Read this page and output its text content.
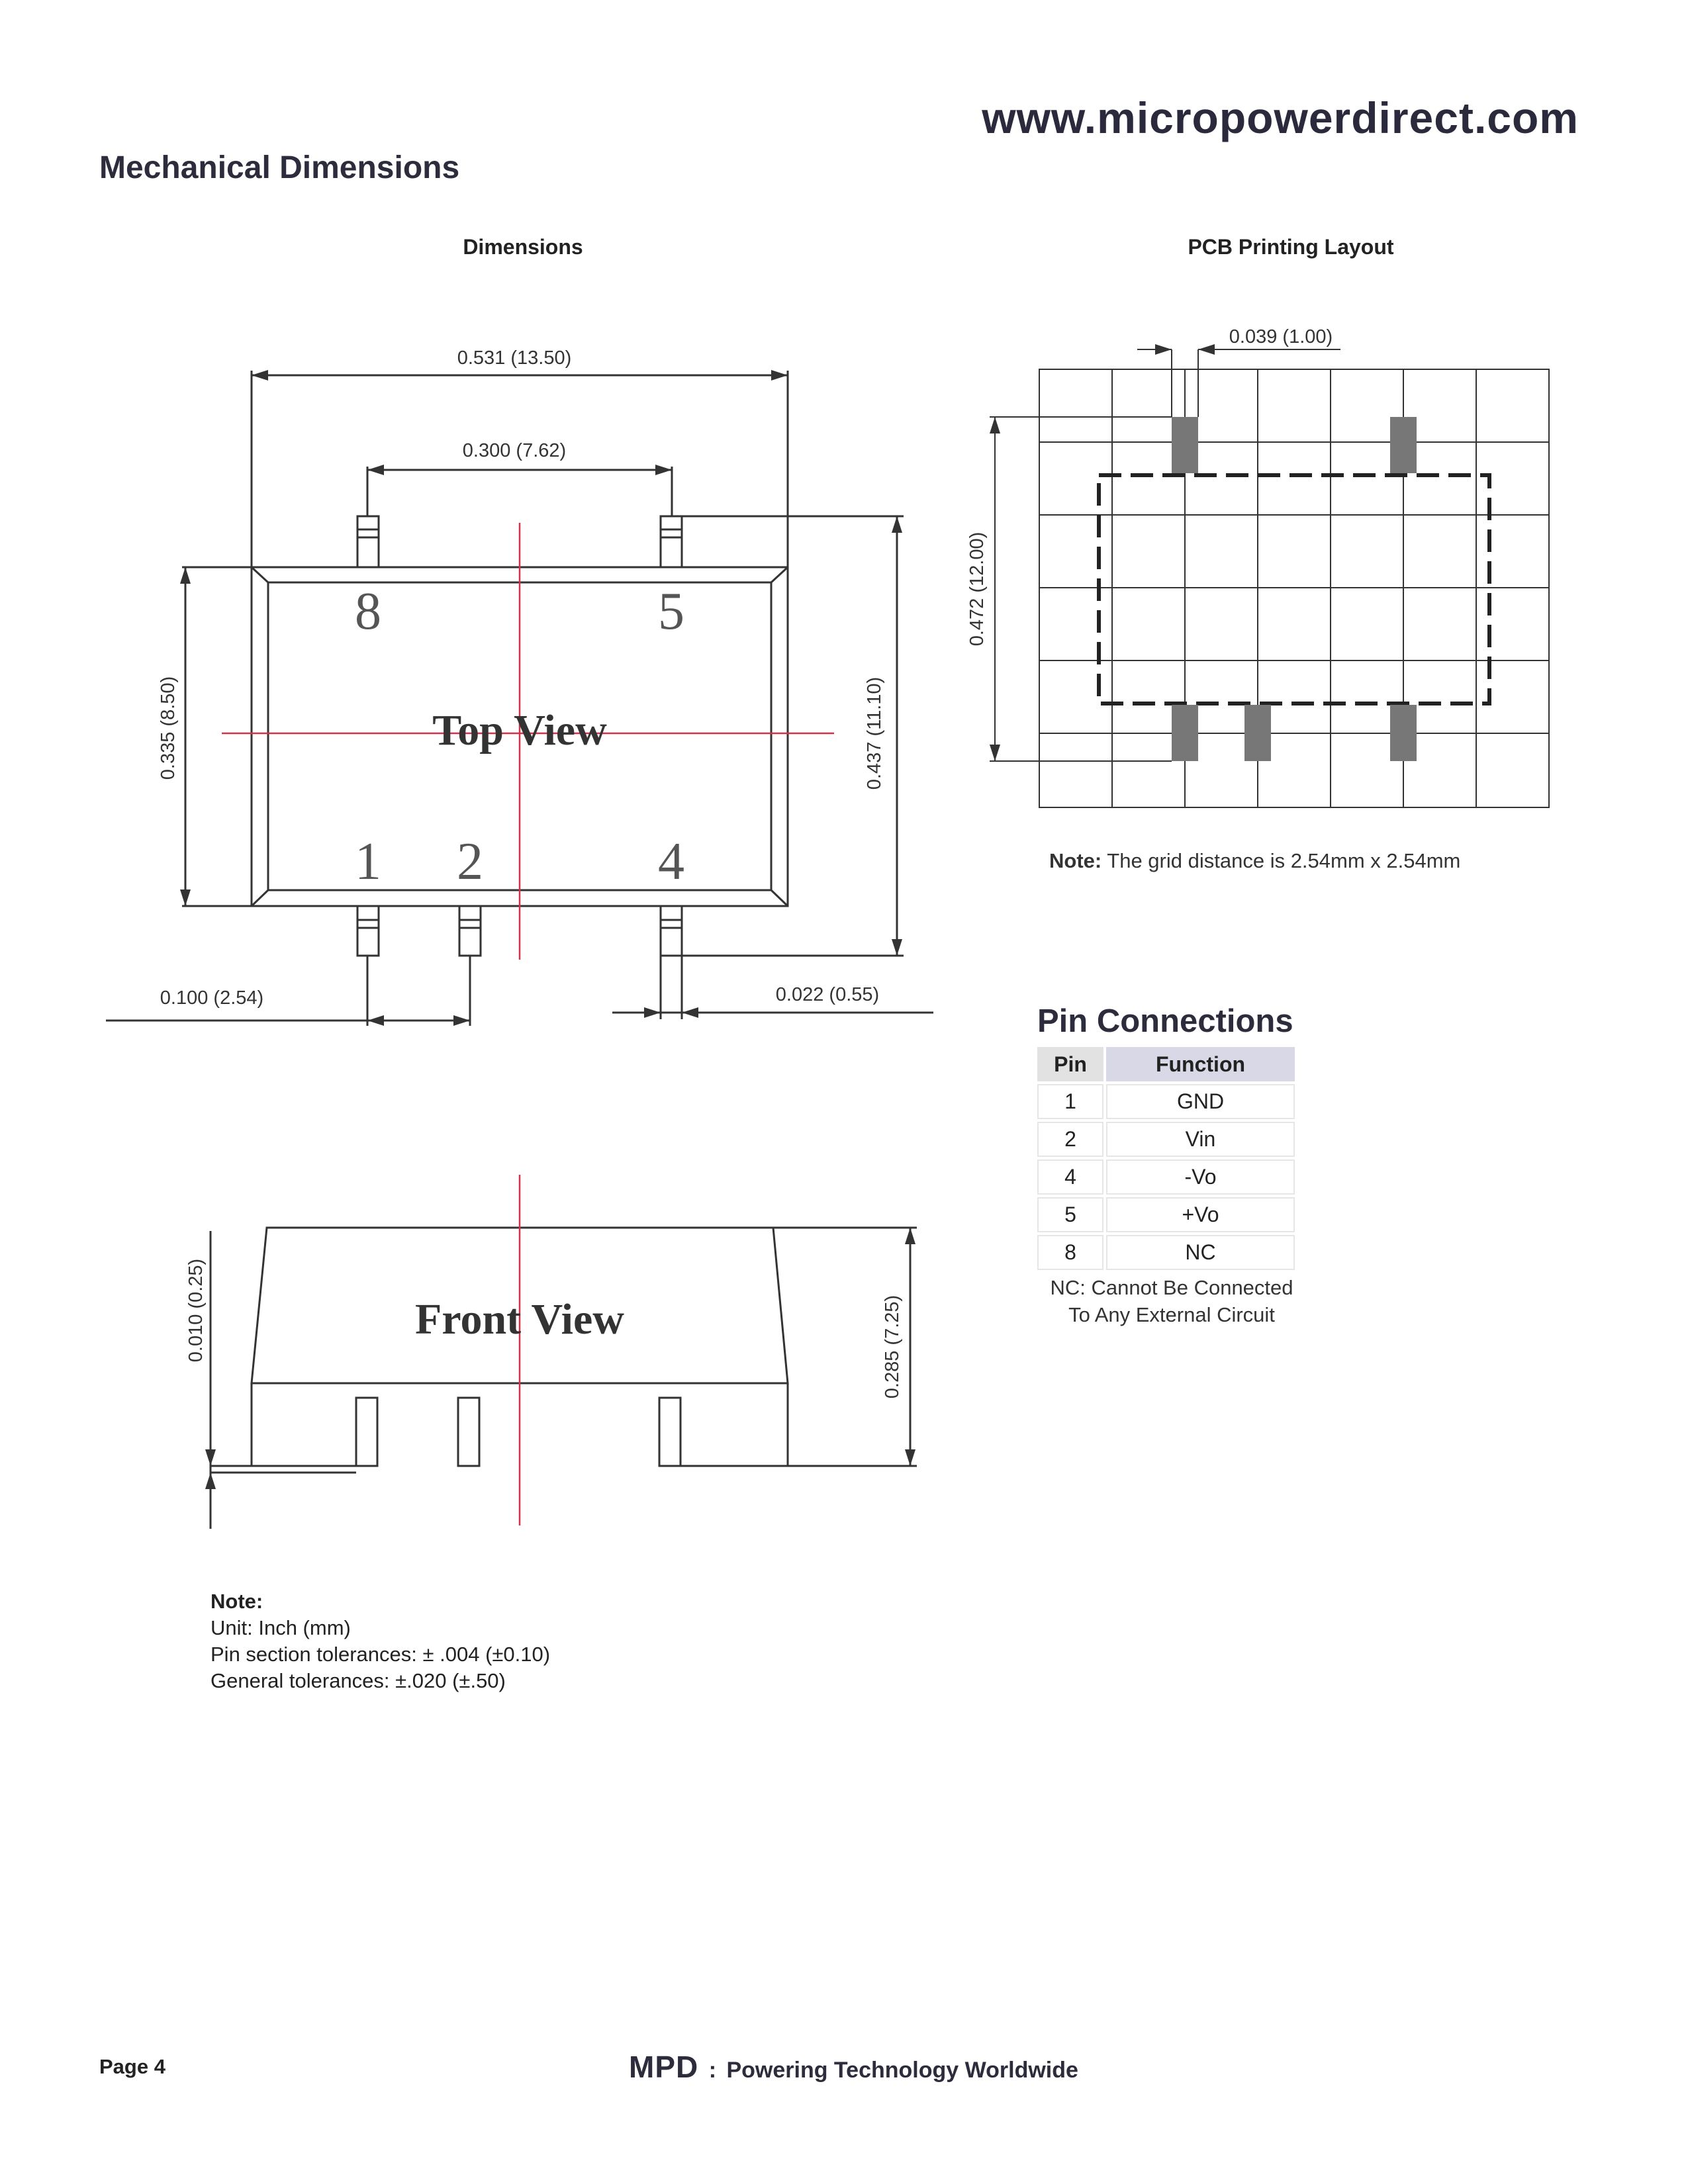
www.micropowerdirect.com
Mechanical Dimensions
Dimensions	PCB Printing Layout
Top View
8	5
1 2	4
0.531 (13.50)
0.300 (7.62)
0.335 (8.50)	0.437 (11.10)
0.100 (2.54)	0.022 (0.55)
Front View
0.010 (0.25)	0.285 (7.25)
0.039 (1.00)
0.472 (12.00)
Note: The grid distance is 2.54mm x 2.54mm
Pin Connections
Pin	Function
1	GND
2	Vin
4	-Vo
5	+Vo
8	NC
NC: Cannot Be Connected
To Any External Circuit
Note:
Unit: Inch (mm)
Pin section tolerances: ± .004 (±0.10)
General tolerances: ±.020 (±.50)
Page 4	MPD : Powering Technology Worldwide
